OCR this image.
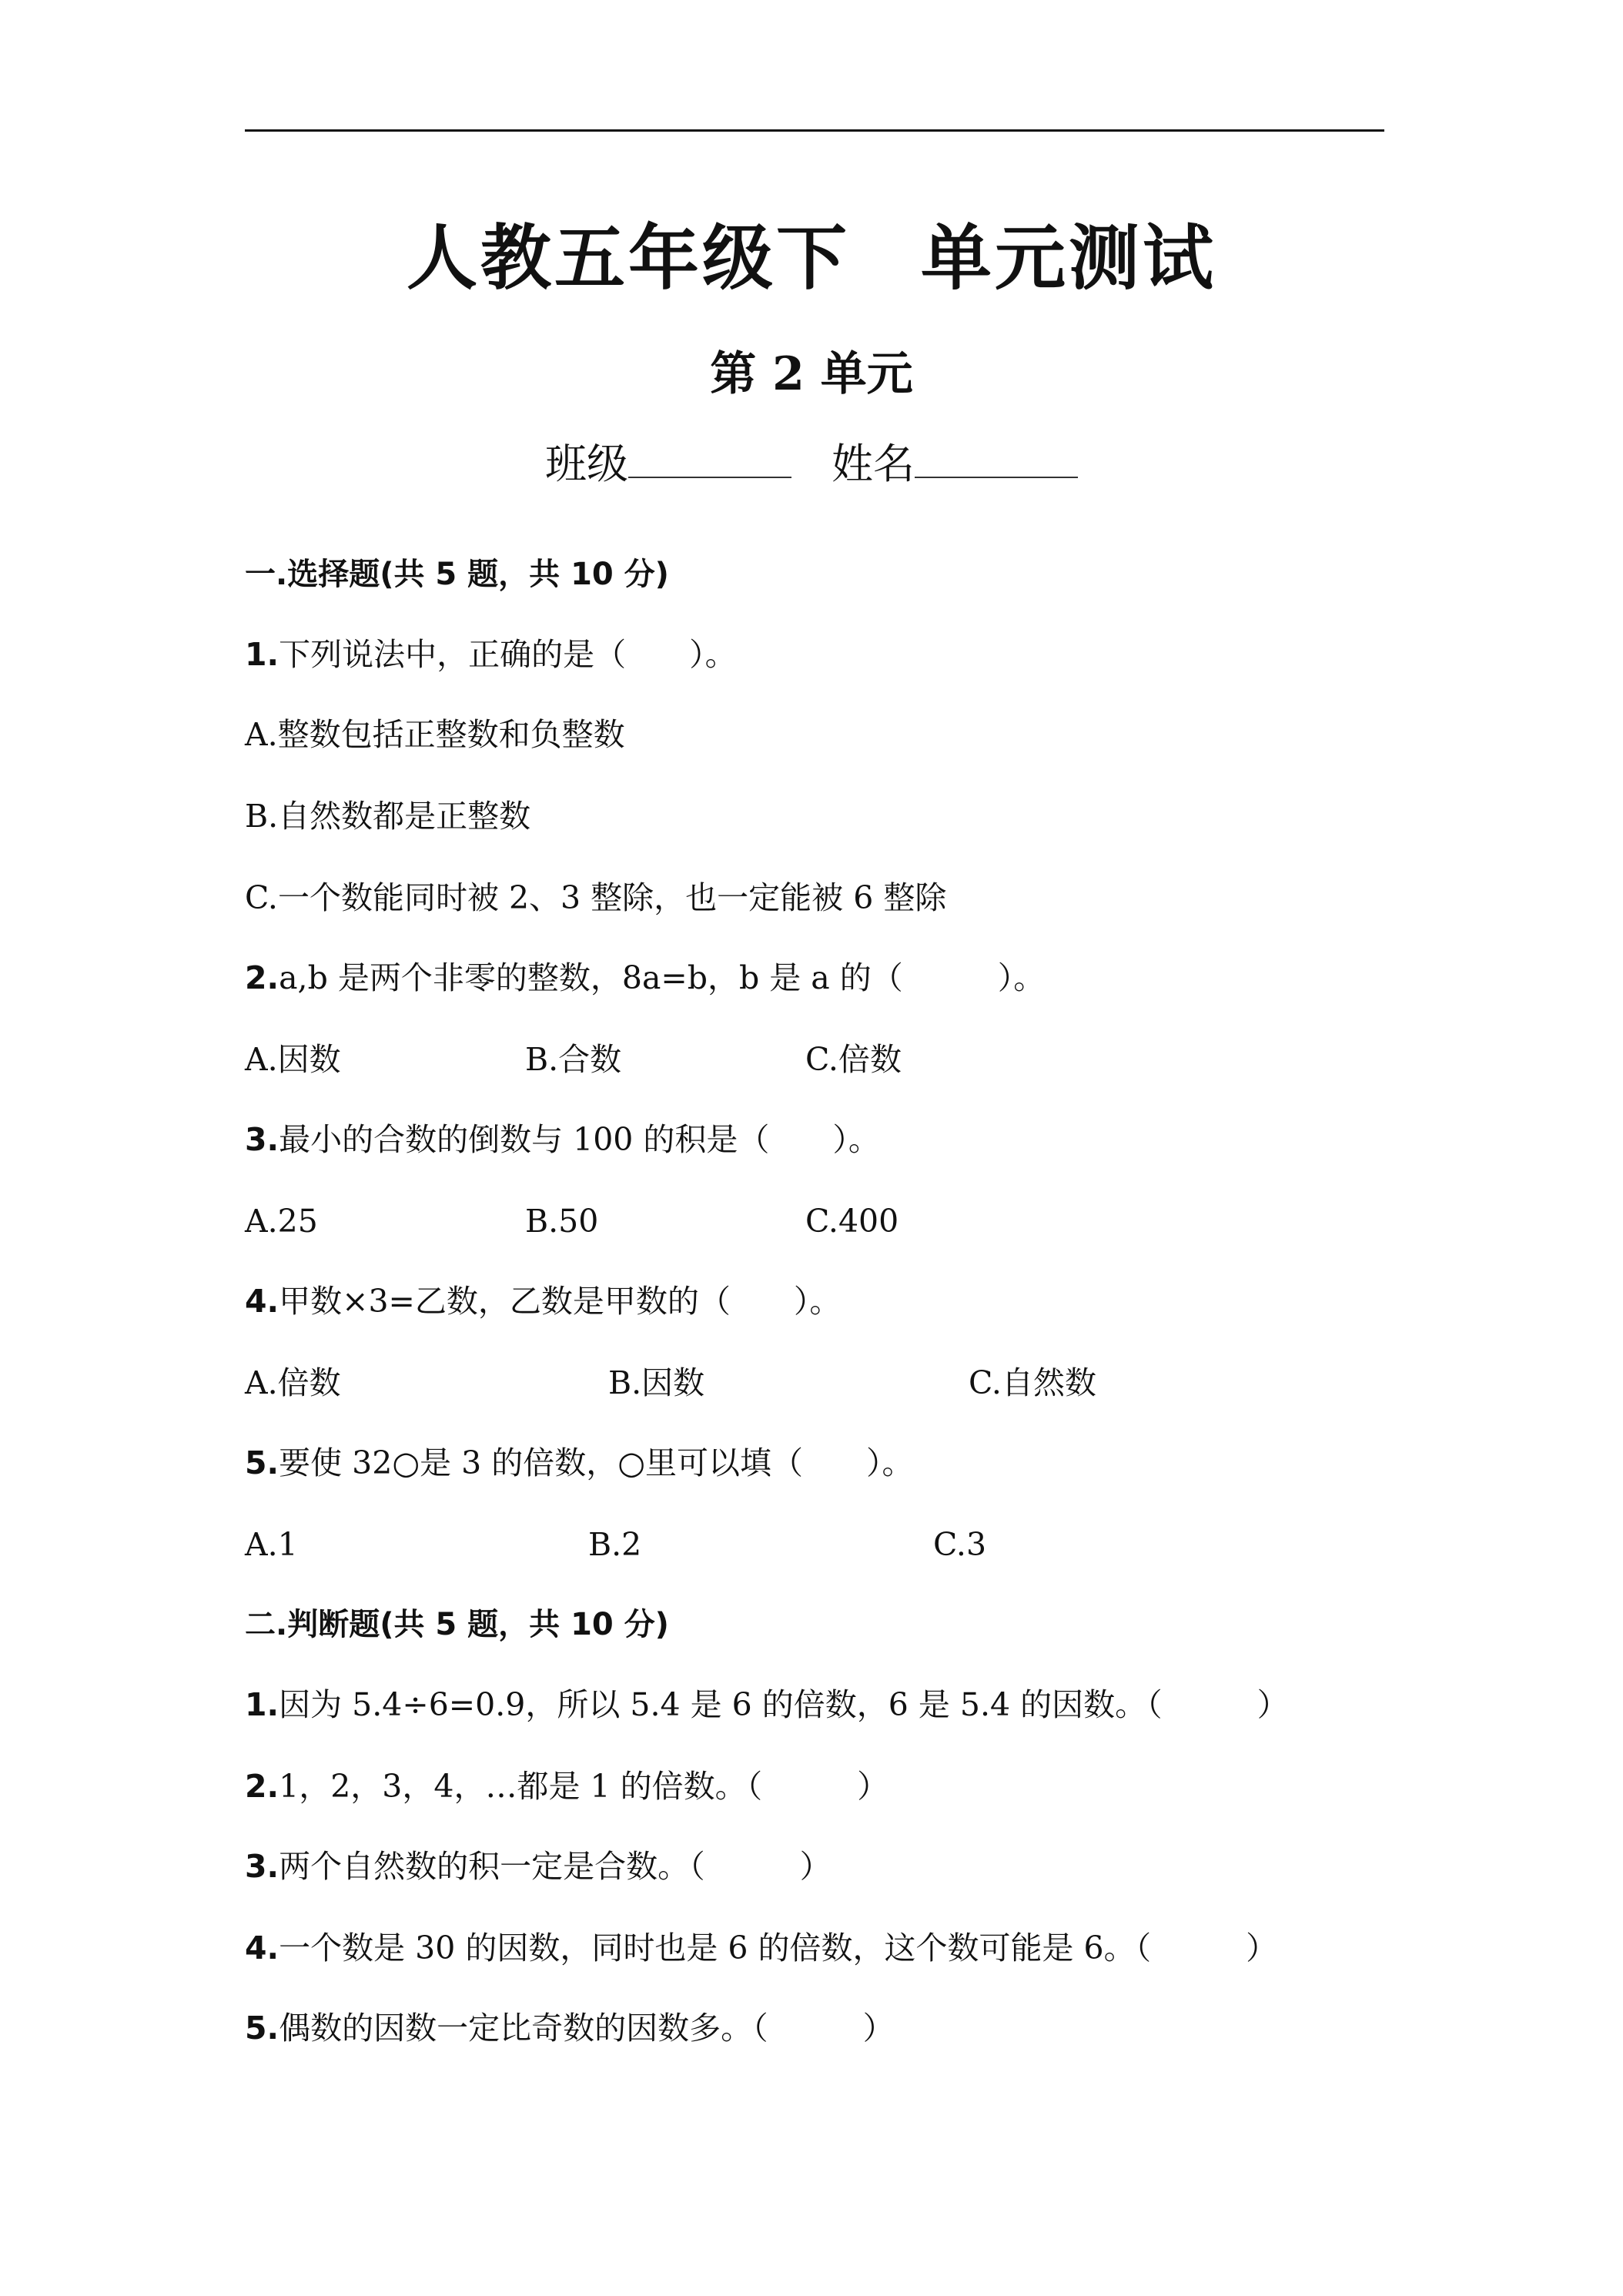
人教五年级下 单元测试
第 2 单元
班级	姓名
一.选择题(共 5 题，共 10 分)
1.下列说法中，正确的是（　　）。
A.整数包括正整数和负整数
B.自然数都是正整数
C.一个数能同时被 2、3 整除，也一定能被 6 整除
2.a,b 是两个非零的整数，8a=b，b 是 a 的（　　　）。
A.因数	B.合数	C.倍数
3.最小的合数的倒数与 100 的积是（　　）。
A.25	B.50	C.400
4.甲数×3=乙数，乙数是甲数的（　　）。
A.倍数	B.因数	C.自然数
5.要使 32○是 3 的倍数，○里可以填（　　）。
A.1	B.2	C.3
二.判断题(共 5 题，共 10 分)
1.因为 5.4÷6=0.9，所以 5.4 是 6 的倍数，6 是 5.4 的因数。（　　　）
2.1，2，3，4，…都是 1 的倍数。（　　　）
3.两个自然数的积一定是合数。（　　　）
4.一个数是 30 的因数，同时也是 6 的倍数，这个数可能是 6。（　　　）
5.偶数的因数一定比奇数的因数多。（　　　）
